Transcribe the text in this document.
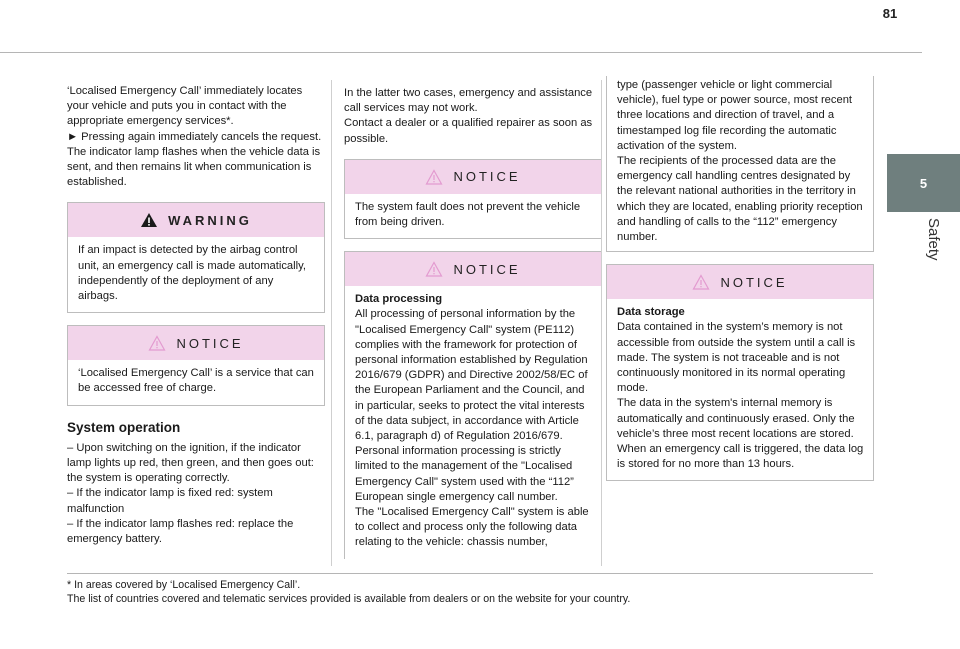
81
5
Safety

‘Localised Emergency Call’ immediately locates your vehicle and puts you in contact with the appropriate emergency services*.
► Pressing again immediately cancels the request.
The indicator lamp flashes when the vehicle data is sent, and then remains lit when communication is established.

WARNING

If an impact is detected by the airbag control unit, an emergency call is made automatically, independently of the deployment of any airbags.

NOTICE

‘Localised Emergency Call’ is a service that can be accessed free of charge.

System operation

– Upon switching on the ignition, if the indicator lamp lights up red, then green, and then goes out: the system is operating correctly.
– If the indicator lamp is fixed red: system malfunction
– If the indicator lamp flashes red: replace the emergency battery.

In the latter two cases, emergency and assistance call services may not work.
Contact a dealer or a qualified repairer as soon as possible.

NOTICE

The system fault does not prevent the vehicle from being driven.

NOTICE

Data processing

All processing of personal information by the "Localised Emergency Call" system (PE112) complies with the framework for protection of personal information established by Regulation 2016/679 (GDPR) and Directive 2002/58/EC of the European Parliament and the Council, and in particular, seeks to protect the vital interests of the data subject, in accordance with Article 6.1, paragraph d) of Regulation 2016/679.
Personal information processing is strictly limited to the management of the "Localised Emergency Call" system used with the “112” European single emergency call number.
The "Localised Emergency Call" system is able to collect and process only the following data relating to the vehicle: chassis number,

type (passenger vehicle or light commercial vehicle), fuel type or power source, most recent three locations and direction of travel, and a timestamped log file recording the automatic activation of the system.
The recipients of the processed data are the emergency call handling centres designated by the relevant national authorities in the territory in which they are located, enabling priority reception and handling of calls to the “112” emergency number.

NOTICE

Data storage

Data contained in the system’s memory is not accessible from outside the system until a call is made. The system is not traceable and is not continuously monitored in its normal operating mode.
The data in the system's internal memory is automatically and continuously erased. Only the vehicle’s three most recent locations are stored.
When an emergency call is triggered, the data log is stored for no more than 13 hours.

* In areas covered by ‘Localised Emergency Call’.
The list of countries covered and telematic services provided is available from dealers or on the website for your country.
